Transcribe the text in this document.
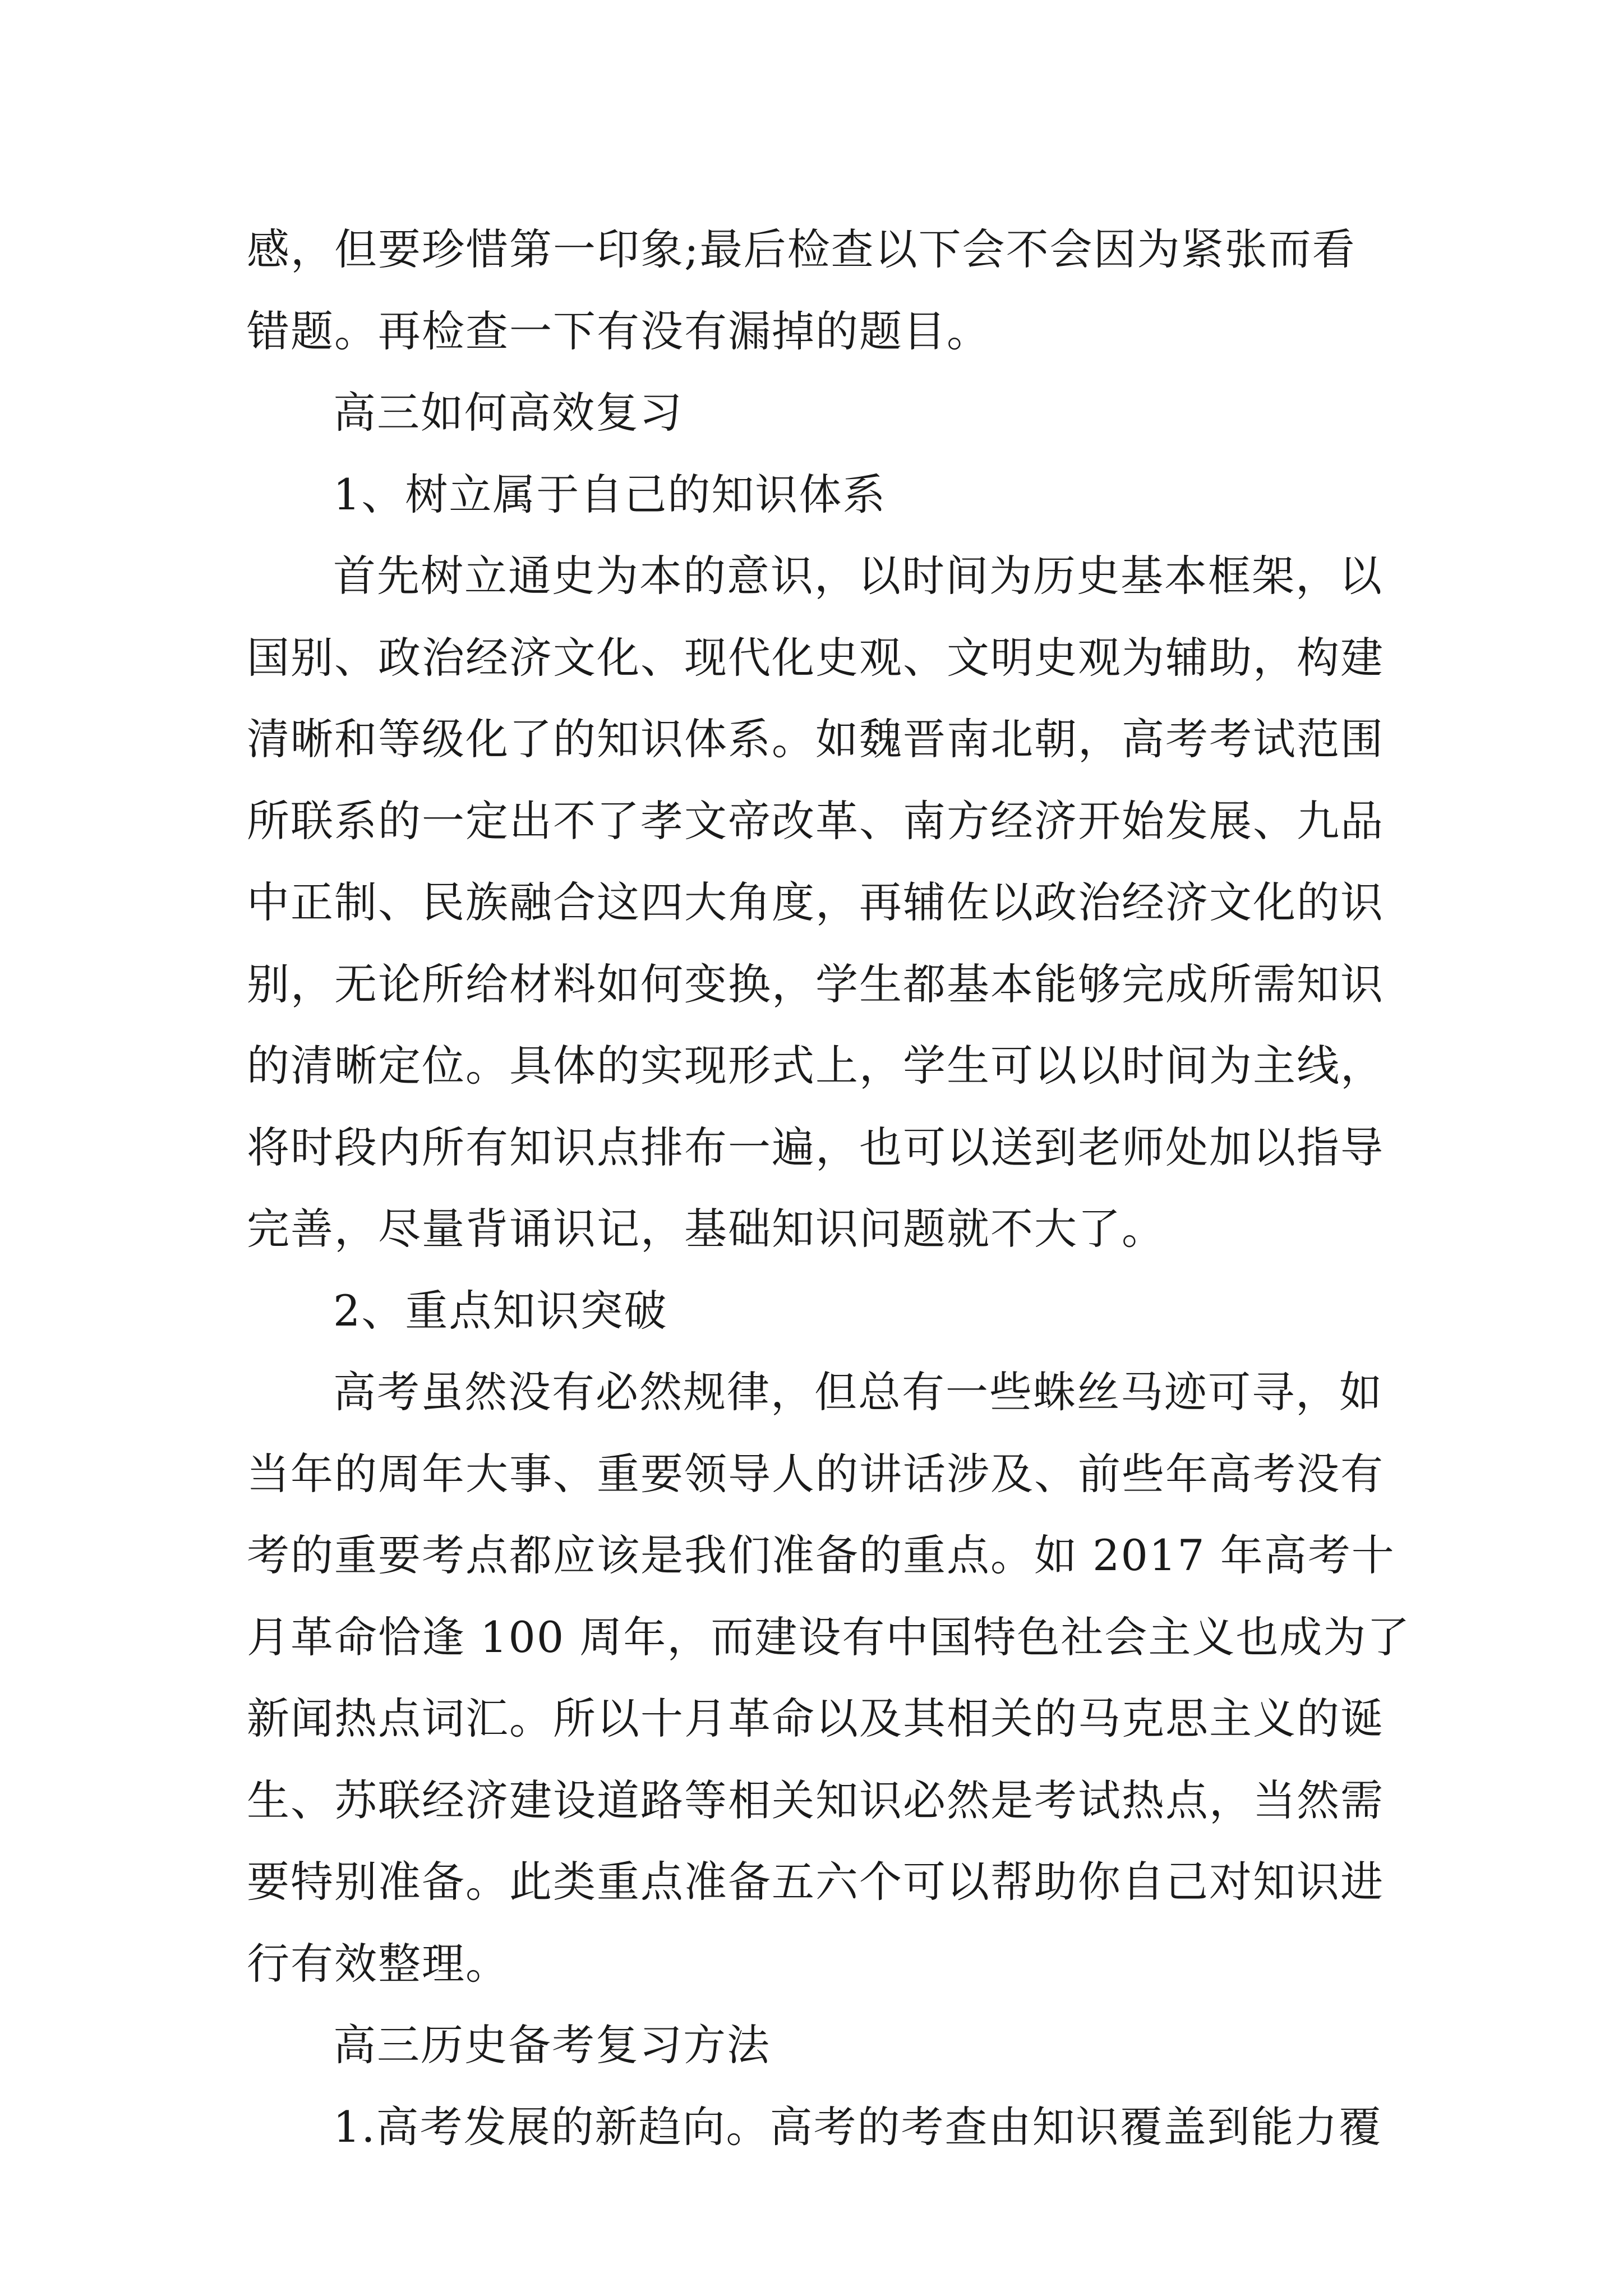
感，但要珍惜第一印象;最后检查以下会不会因为紧张而看
错题。再检查一下有没有漏掉的题目。
高三如何高效复习
1、树立属于自己的知识体系
首先树立通史为本的意识，以时间为历史基本框架，以
国别、政治经济文化、现代化史观、文明史观为辅助，构建
清晰和等级化了的知识体系。如魏晋南北朝，高考考试范围
所联系的一定出不了孝文帝改革、南方经济开始发展、九品
中正制、民族融合这四大角度，再辅佐以政治经济文化的识
别，无论所给材料如何变换，学生都基本能够完成所需知识
的清晰定位。具体的实现形式上，学生可以以时间为主线，
将时段内所有知识点排布一遍，也可以送到老师处加以指导
完善，尽量背诵识记，基础知识问题就不大了。
2、重点知识突破
高考虽然没有必然规律，但总有一些蛛丝马迹可寻，如
当年的周年大事、重要领导人的讲话涉及、前些年高考没有
考的重要考点都应该是我们准备的重点。如 2017 年高考十
月革命恰逢 100 周年，而建设有中国特色社会主义也成为了
新闻热点词汇。所以十月革命以及其相关的马克思主义的诞
生、苏联经济建设道路等相关知识必然是考试热点，当然需
要特别准备。此类重点准备五六个可以帮助你自己对知识进
行有效整理。
高三历史备考复习方法
1.高考发展的新趋向。高考的考查由知识覆盖到能力覆
